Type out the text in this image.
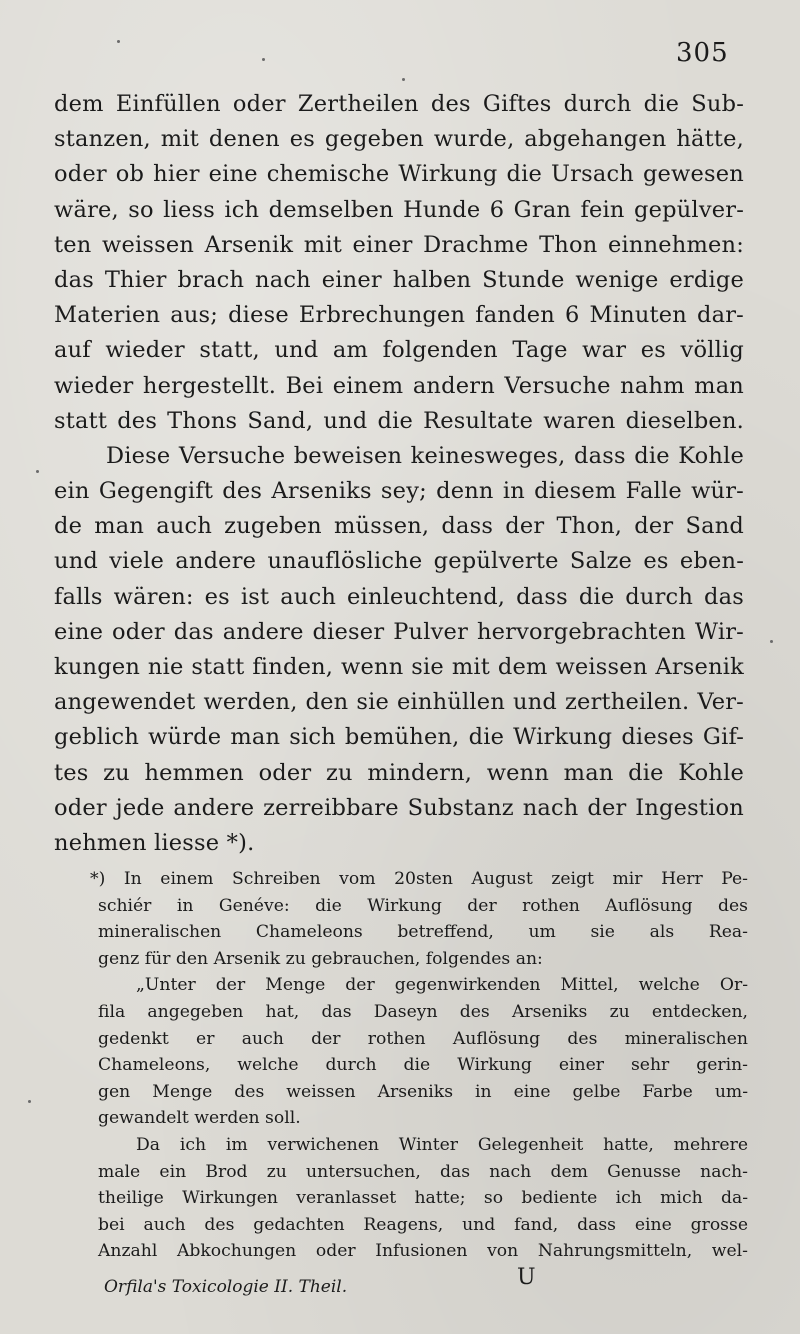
305
dem Einfüllen oder Zertheilen des Giftes durch die Sub-
stanzen, mit denen es gegeben wurde, abgehangen hätte,
oder ob hier eine chemische Wirkung die Ursach gewesen
wäre, so liess ich demselben Hunde 6 Gran fein gepülver-
ten weissen Arsenik mit einer Drachme Thon einnehmen:
das Thier brach nach einer halben Stunde wenige erdige
Materien aus; diese Erbrechungen fanden 6 Minuten dar-
auf wieder statt, und am folgenden Tage war es völlig
wieder hergestellt. Bei einem andern Versuche nahm man
statt des Thons Sand, und die Resultate waren dieselben.
Diese Versuche beweisen keinesweges, dass die Kohle
ein Gegengift des Arseniks sey; denn in diesem Falle wür-
de man auch zugeben müssen, dass der Thon, der Sand
und viele andere unauflösliche gepülverte Salze es eben-
falls wären: es ist auch einleuchtend, dass die durch das
eine oder das andere dieser Pulver hervorgebrachten Wir-
kungen nie statt finden, wenn sie mit dem weissen Arsenik
angewendet werden, den sie einhüllen und zertheilen. Ver-
geblich würde man sich bemühen, die Wirkung dieses Gif-
tes zu hemmen oder zu mindern, wenn man die Kohle
oder jede andere zerreibbare Substanz nach der Ingestion
nehmen liesse *).
*) In einem Schreiben vom 20sten August zeigt mir Herr Pe-
schiér in Genéve: die Wirkung der rothen Auflösung des
mineralischen Chameleons betreffend, um sie als Rea-
genz für den Arsenik zu gebrauchen, folgendes an:
„Unter der Menge der gegenwirkenden Mittel, welche Or-
fila angegeben hat, das Daseyn des Arseniks zu entdecken,
gedenkt er auch der rothen Auflösung des mineralischen
Chameleons, welche durch die Wirkung einer sehr gerin-
gen Menge des weissen Arseniks in eine gelbe Farbe um-
gewandelt werden soll.
Da ich im verwichenen Winter Gelegenheit hatte, mehrere
male ein Brod zu untersuchen, das nach dem Genusse nach-
theilige Wirkungen veranlasset hatte; so bediente ich mich da-
bei auch des gedachten Reagens, und fand, dass eine grosse
Anzahl Abkochungen oder Infusionen von Nahrungsmitteln, wel-
Orfila's Toxicologie II. Theil.	U
